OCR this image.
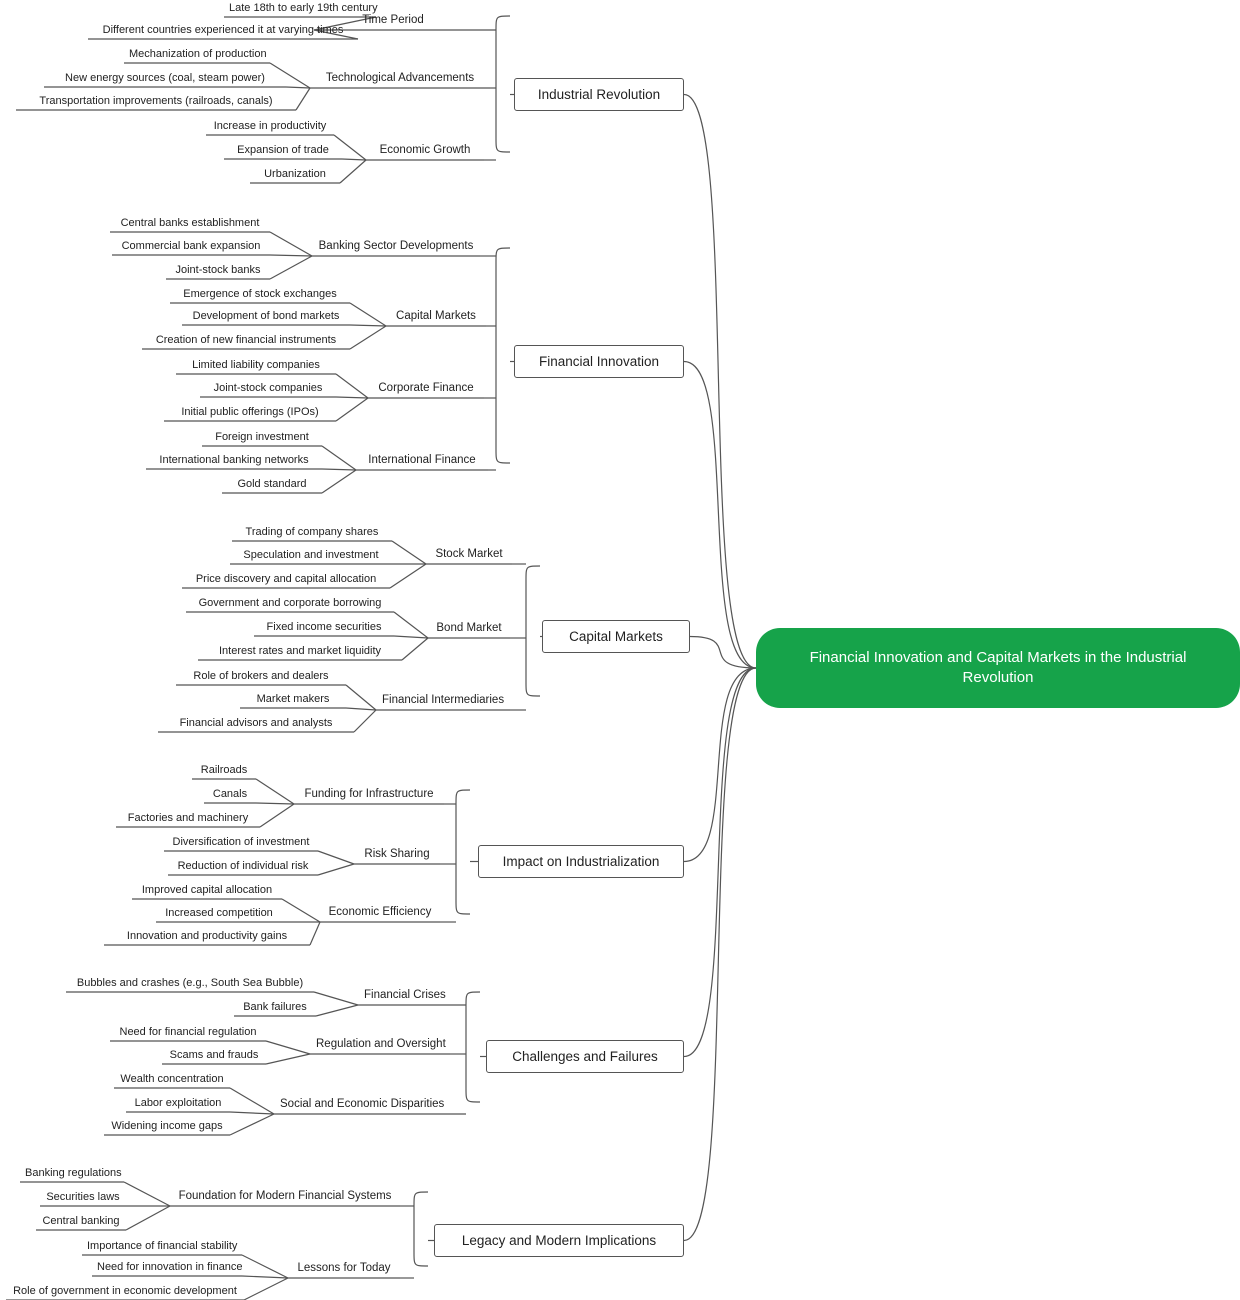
Financial Innovation and Capital Markets in the Industrial Revolution
Industrial Revolution
Time Period
Late 18th to early 19th century
Different countries experienced it at varying times
Technological Advancements
Mechanization of production
New energy sources (coal, steam power)
Transportation improvements (railroads, canals)
Economic Growth
Increase in productivity
Expansion of trade
Urbanization
Financial Innovation
Banking Sector Developments
Central banks establishment
Commercial bank expansion
Joint-stock banks
Capital Markets
Emergence of stock exchanges
Development of bond markets
Creation of new financial instruments
Corporate Finance
Limited liability companies
Joint-stock companies
Initial public offerings (IPOs)
International Finance
Foreign investment
International banking networks
Gold standard
Capital Markets
Stock Market
Trading of company shares
Speculation and investment
Price discovery and capital allocation
Bond Market
Government and corporate borrowing
Fixed income securities
Interest rates and market liquidity
Financial Intermediaries
Role of brokers and dealers
Market makers
Financial advisors and analysts
Impact on Industrialization
Funding for Infrastructure
Railroads
Canals
Factories and machinery
Risk Sharing
Diversification of investment
Reduction of individual risk
Economic Efficiency
Improved capital allocation
Increased competition
Innovation and productivity gains
Challenges and Failures
Financial Crises
Bubbles and crashes (e.g., South Sea Bubble)
Bank failures
Regulation and Oversight
Need for financial regulation
Scams and frauds
Social and Economic Disparities
Wealth concentration
Labor exploitation
Widening income gaps
Legacy and Modern Implications
Foundation for Modern Financial Systems
Banking regulations
Securities laws
Central banking
Lessons for Today
Importance of financial stability
Need for innovation in finance
Role of government in economic development
